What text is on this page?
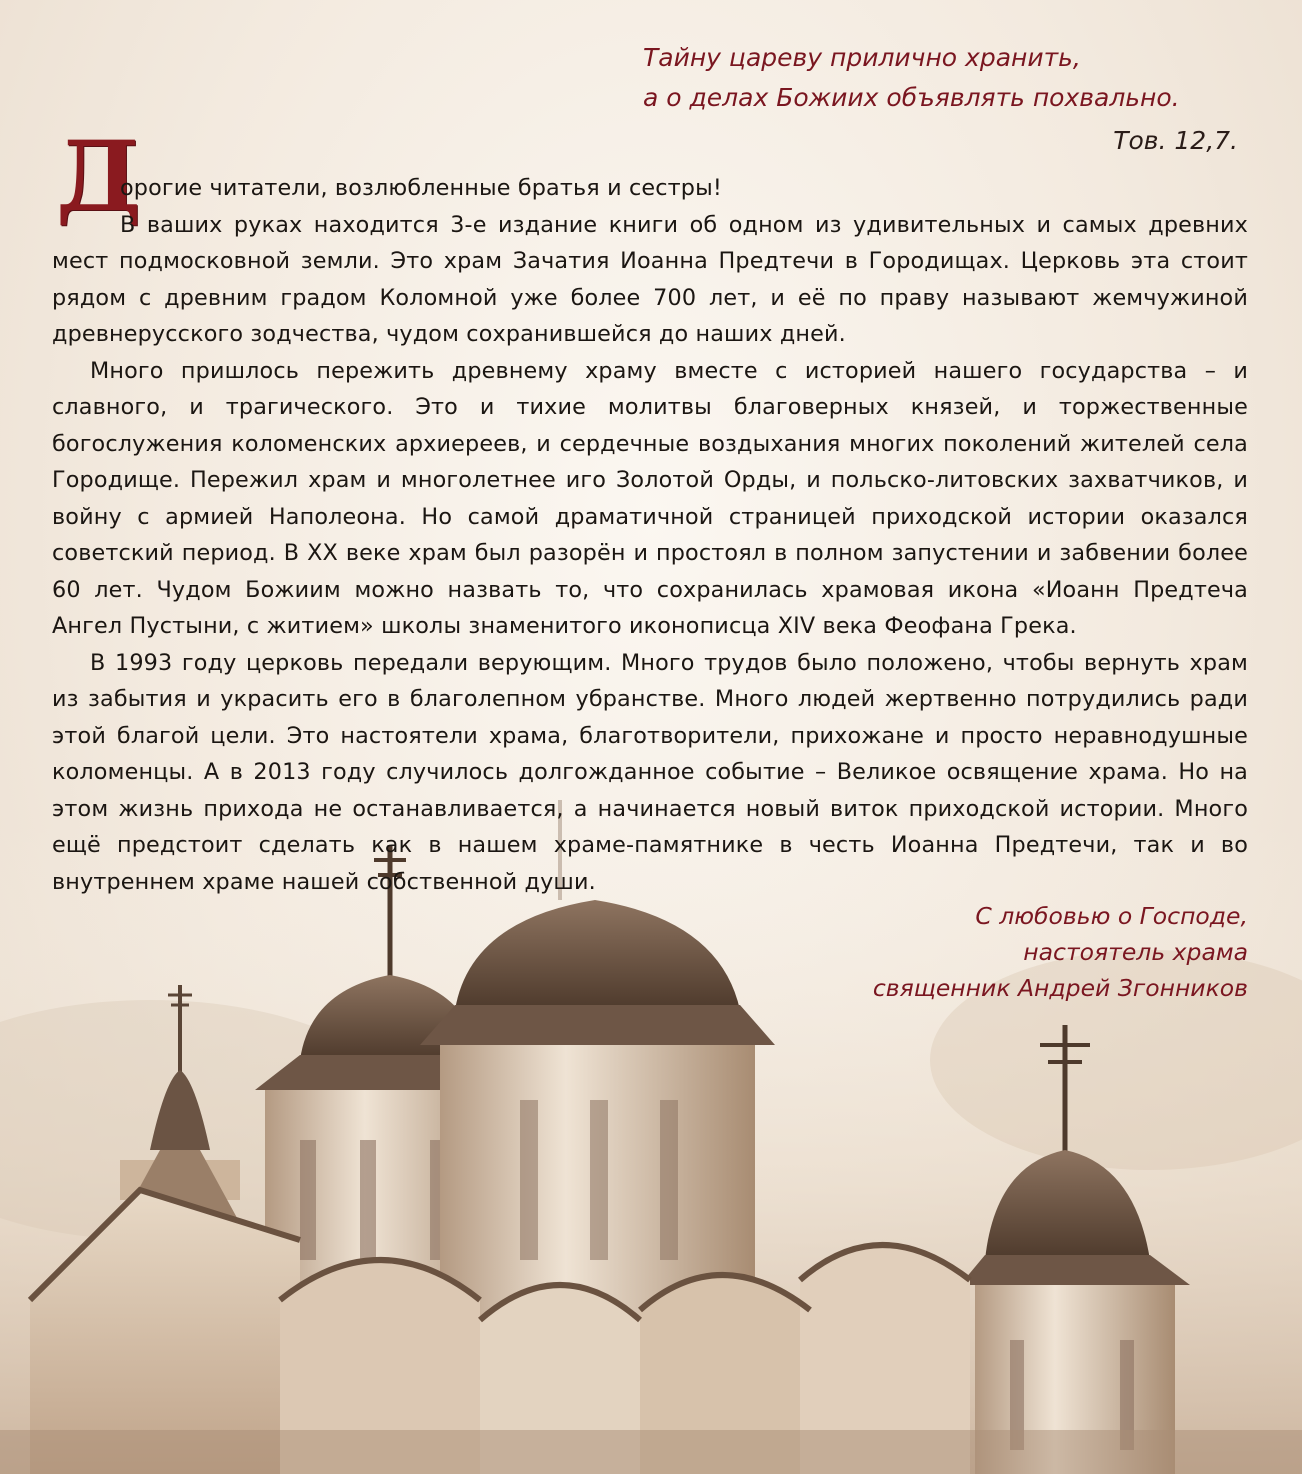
Тайну цареву прилично хранить,
а о делах Божиих объявлять похвально.
Тов. 12,7.
Д

орогие читатели, возлюбленные братья и сестры!
В ваших руках находится 3-е издание книги об одном из удивительных и самых древних мест подмосковной земли. Это храм Зачатия Иоанна Предтечи в Городищах. Церковь эта стоит рядом с древним градом Коломной уже более 700 лет, и её по праву называют жемчужиной древнерусского зодчества, чудом сохранившейся до наших дней.

Много пришлось пережить древнему храму вместе с историей нашего государства – и славного, и трагического. Это и тихие молитвы благоверных князей, и торжественные богослужения коломенских архиереев, и сердечные воздыхания многих поколений жителей села Городище. Пережил храм и многолетнее иго Золотой Орды, и польско-литовских захватчиков, и войну с армией Наполеона. Но самой драматичной страницей приходской истории оказался советский период. В XX веке храм был разорён и простоял в полном запустении и забвении более 60 лет. Чудом Божиим можно назвать то, что сохранилась храмовая икона «Иоанн Предтеча Ангел Пустыни, с житием» школы знаменитого иконописца XIV века Феофана Грека.

В 1993 году церковь передали верующим. Много трудов было положено, чтобы вернуть храм из забытия и украсить его в благолепном убранстве. Много людей жертвенно потрудились ради этой благой цели. Это настоятели храма, благотворители, прихожане и просто неравнодушные коломенцы. А в 2013 году случилось долгожданное событие – Великое освящение храма. Но на этом жизнь прихода не останавливается, а начинается новый виток приходской истории. Много ещё предстоит сделать как в нашем храме-памятнике в честь Иоанна Предтечи, так и во внутреннем храме нашей собственной души.

С любовью о Господе,
настоятель храма
священник Андрей Згонников
